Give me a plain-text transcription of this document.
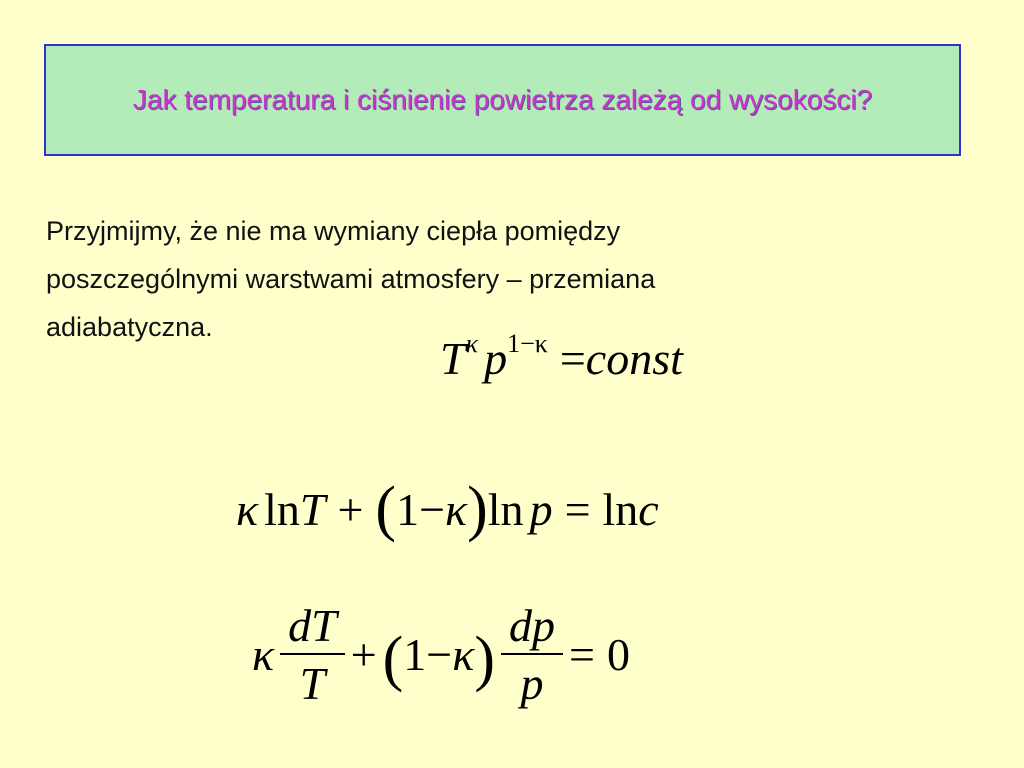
Jak temperatura i ciśnienie powietrza zależą od wysokości?

Przyjmijmy, że nie ma wymiany ciepła pomiędzy
poszczególnymi warstwami atmosfery – przemiana
adiabatyczna.

$T^\kappa$ $p^{1-\kappa}$ =const
κ lnT + (1−κ)ln p = lnc
κ $\frac{dT}{T}$ + ( 1 − κ ) $\frac{dp}{p} = 0$
